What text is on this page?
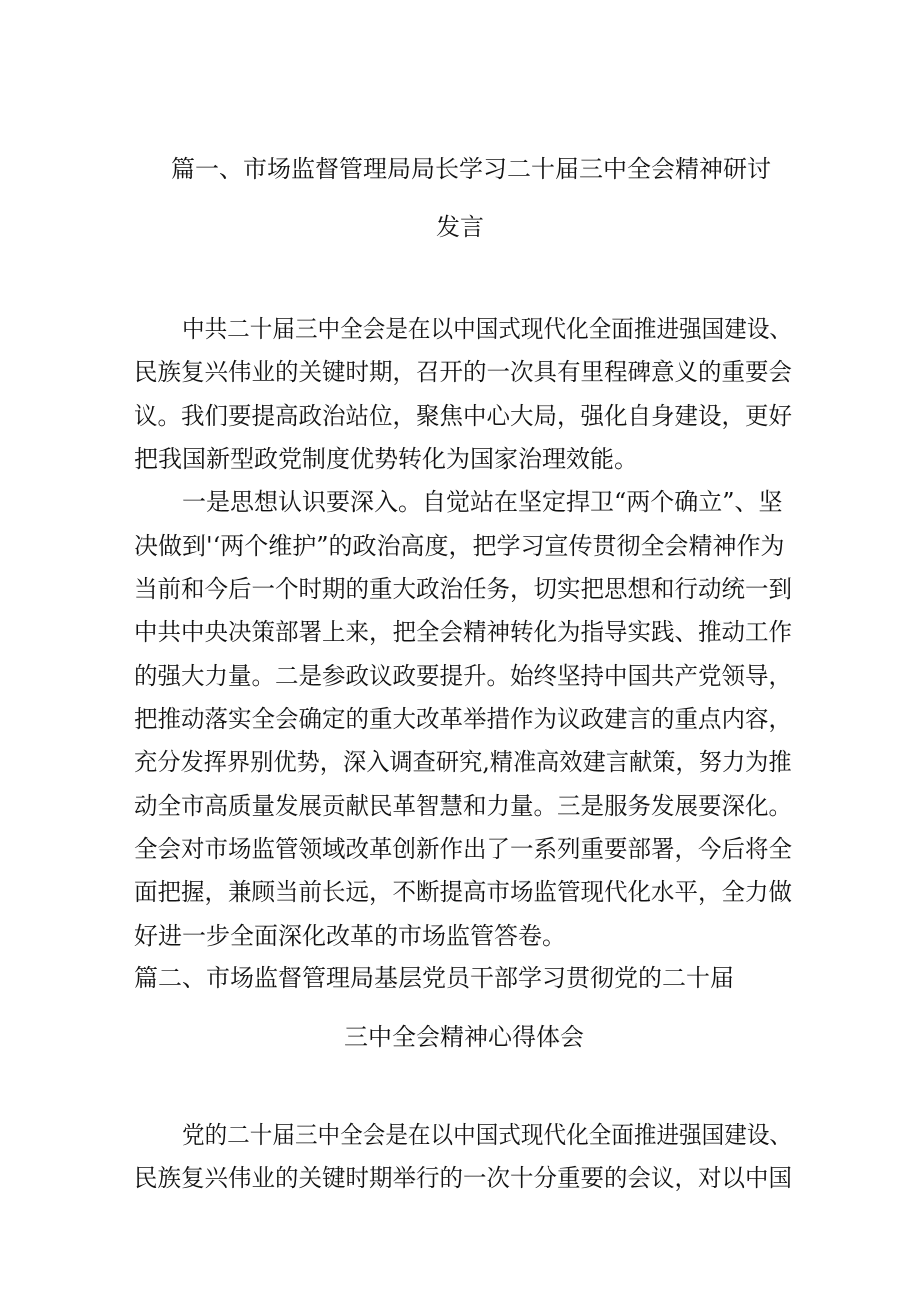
篇一、市场监督管理局局长学习二十届三中全会精神研讨
发言
中共二十届三中全会是在以中国式现代化全面推进强国建设、
民族复兴伟业的关键时期，召开的一次具有里程碑意义的重要会
议。我们要提高政治站位，聚焦中心大局，强化自身建设，更好
把我国新型政党制度优势转化为国家治理效能。
一是思想认识要深入。自觉站在坚定捍卫“两个确立”、坚
决做到'‘两个维护”的政治高度，把学习宣传贯彻全会精神作为
当前和今后一个时期的重大政治任务，切实把思想和行动统一到
中共中央决策部署上来，把全会精神转化为指导实践、推动工作
的强大力量。二是参政议政要提升。始终坚持中国共产党领导，
把推动落实全会确定的重大改革举措作为议政建言的重点内容，
充分发挥界别优势，深入调查研究,精准高效建言献策，努力为推
动全市高质量发展贡献民革智慧和力量。三是服务发展要深化。
全会对市场监管领域改革创新作出了一系列重要部署，今后将全
面把握，兼顾当前长远，不断提高市场监管现代化水平，全力做
好进一步全面深化改革的市场监管答卷。
篇二、市场监督管理局基层党员干部学习贯彻党的二十届
三中全会精神心得体会
党的二十届三中全会是在以中国式现代化全面推进强国建设、
民族复兴伟业的关键时期举行的一次十分重要的会议，对以中国
